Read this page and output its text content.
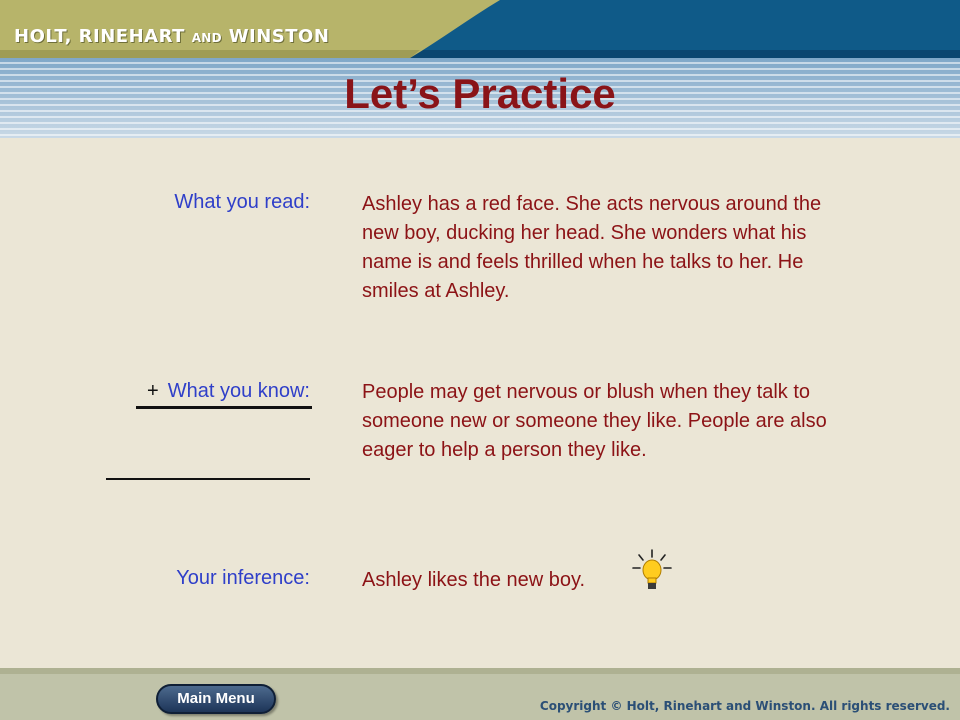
HOLT, RINEHART AND WINSTON
Let’s Practice
What you read:	Ashley has a red face. She acts nervous around the new boy, ducking her head. She wonders what his name is and feels thrilled when he talks to her. He smiles at Ashley.
+ What you know:	People may get nervous or blush when they talk to someone new or someone they like. People are also eager to help a person they like.
Your inference:	Ashley likes the new boy.
Main Menu	Copyright © Holt, Rinehart and Winston. All rights reserved.
